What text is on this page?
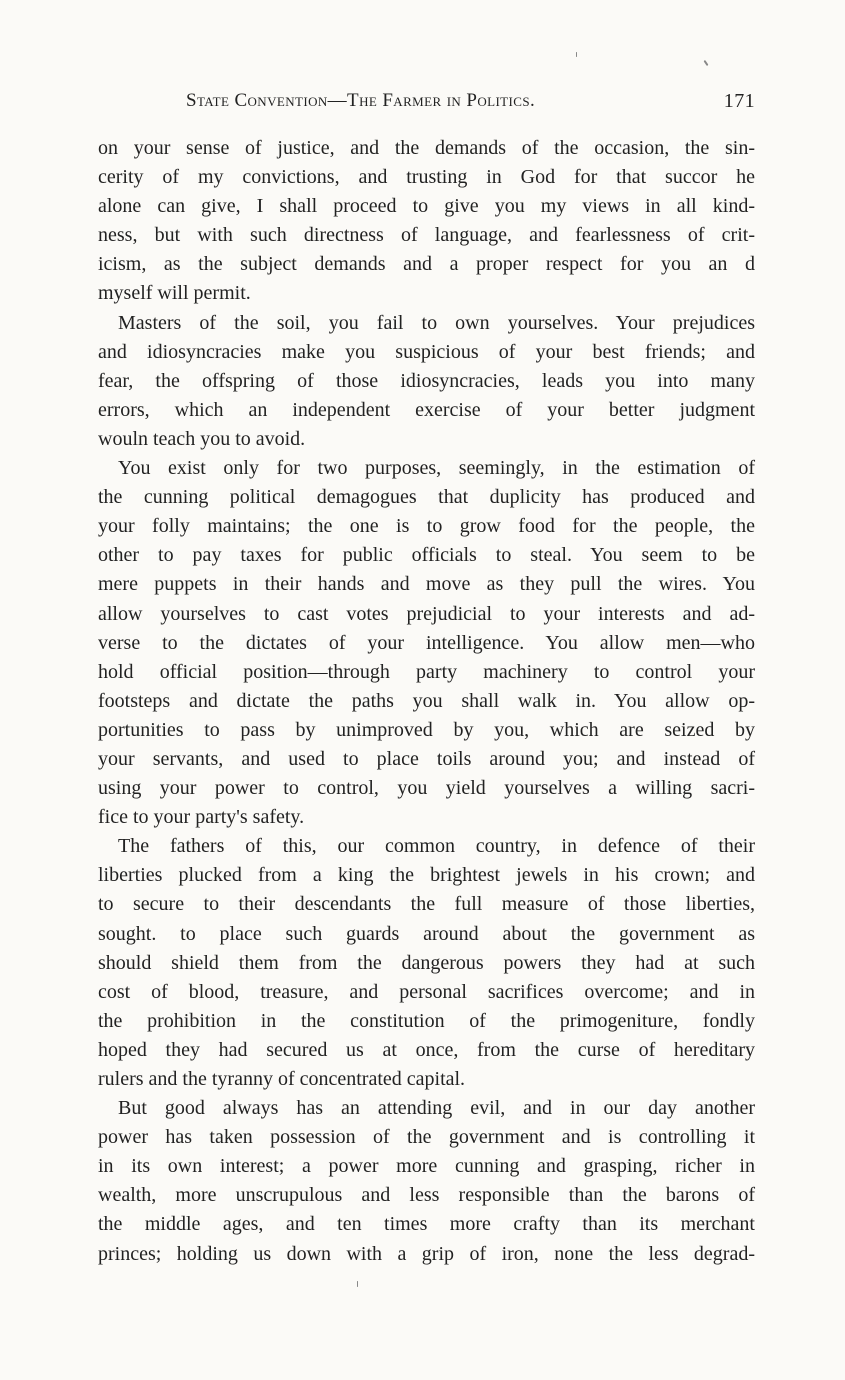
State Convention—The Farmer in Politics.	171

on your sense of justice, and the demands of the occasion, the sin-
cerity of my convictions, and trusting in God for that succor he
alone can give, I shall proceed to give you my views in all kind-
ness, but with such directness of language, and fearlessness of crit-
icism, as the subject demands and a proper respect for you an d
myself will permit.

Masters of the soil, you fail to own yourselves. Your prejudices
and idiosyncracies make you suspicious of your best friends; and
fear, the offspring of those idiosyncracies, leads you into many
errors, which an independent exercise of your better judgment
wouln teach you to avoid.

You exist only for two purposes, seemingly, in the estimation of
the cunning political demagogues that duplicity has produced and
your folly maintains; the one is to grow food for the people, the
other to pay taxes for public officials to steal. You seem to be
mere puppets in their hands and move as they pull the wires. You
allow yourselves to cast votes prejudicial to your interests and ad-
verse to the dictates of your intelligence. You allow men—who
hold official position—through party machinery to control your
footsteps and dictate the paths you shall walk in. You allow op-
portunities to pass by unimproved by you, which are seized by
your servants, and used to place toils around you; and instead of
using your power to control, you yield yourselves a willing sacri-
fice to your party's safety.

The fathers of this, our common country, in defence of their
liberties plucked from a king the brightest jewels in his crown; and
to secure to their descendants the full measure of those liberties,
sought. to place such guards around about the government as
should shield them from the dangerous powers they had at such
cost of blood, treasure, and personal sacrifices overcome; and in
the prohibition in the constitution of the primogeniture, fondly
hoped they had secured us at once, from the curse of hereditary
rulers and the tyranny of concentrated capital.

But good always has an attending evil, and in our day another
power has taken possession of the government and is controlling it
in its own interest; a power more cunning and grasping, richer in
wealth, more unscrupulous and less responsible than the barons of
the middle ages, and ten times more crafty than its merchant
princes; holding us down with a grip of iron, none the less degrad-
